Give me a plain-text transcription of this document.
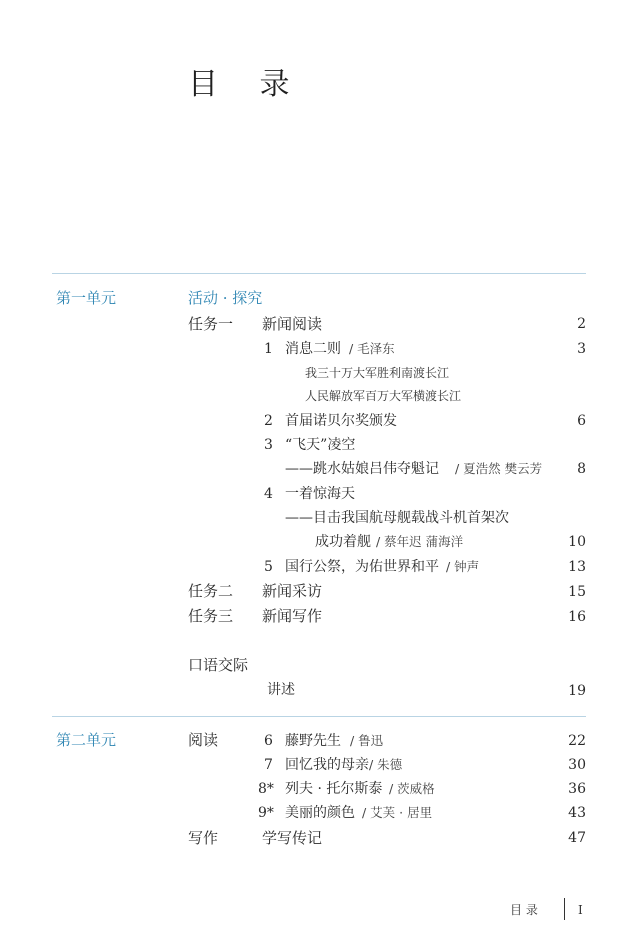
目 录
第一单元	活动 · 探究
任务一 新闻阅读	2
1 消息二则 / 毛泽东	3
我三十万大军胜利南渡长江
人民解放军百万大军横渡长江
2 首届诺贝尔奖颁发	6
3 “飞天”凌空
——跳水姑娘吕伟夺魁记 / 夏浩然 樊云芳	8
4 一着惊海天
——目击我国航母舰载战斗机首架次
成功着舰 / 蔡年迟 蒲海洋	10
5 国行公祭，为佑世界和平 / 钟声	13
任务二 新闻采访	15
任务三 新闻写作	16
口语交际
讲述	19
第二单元	阅读	6 藤野先生 / 鲁迅	22
7 回忆我的母亲 / 朱德	30
8* 列夫 · 托尔斯泰 / 茨威格	36
9* 美丽的颜色 / 艾芙 · 居里	43
写作	学写传记	47
目 录	I
